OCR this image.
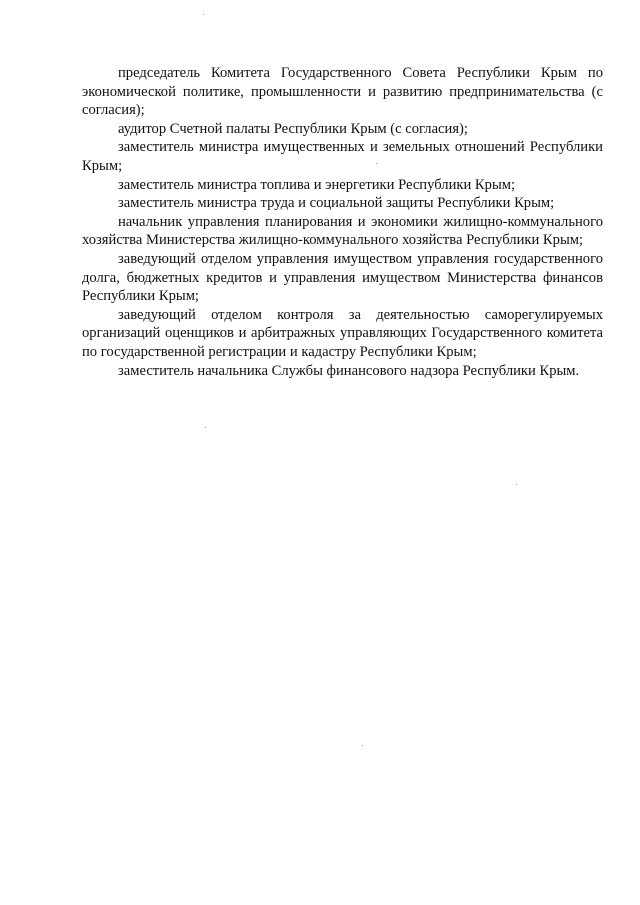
председатель Комитета Государственного Совета Республики Крым по экономической политике, промышленности и развитию предпринимательства (с согласия);

аудитор Счетной палаты Республики Крым (с согласия);

заместитель министра имущественных и земельных отношений Республики Крым;

заместитель министра топлива и энергетики Республики Крым;

заместитель министра труда и социальной защиты Республики Крым;

начальник управления планирования и экономики жилищно-коммунального хозяйства Министерства жилищно-коммунального хозяйства Республики Крым;

заведующий отделом управления имуществом управления государственного долга, бюджетных кредитов и управления имуществом Министерства финансов Республики Крым;

заведующий отделом контроля за деятельностью саморегулируемых организаций оценщиков и арбитражных управляющих Государственного комитета по государственной регистрации и кадастру Республики Крым;

заместитель начальника Службы финансового надзора Республики Крым.
